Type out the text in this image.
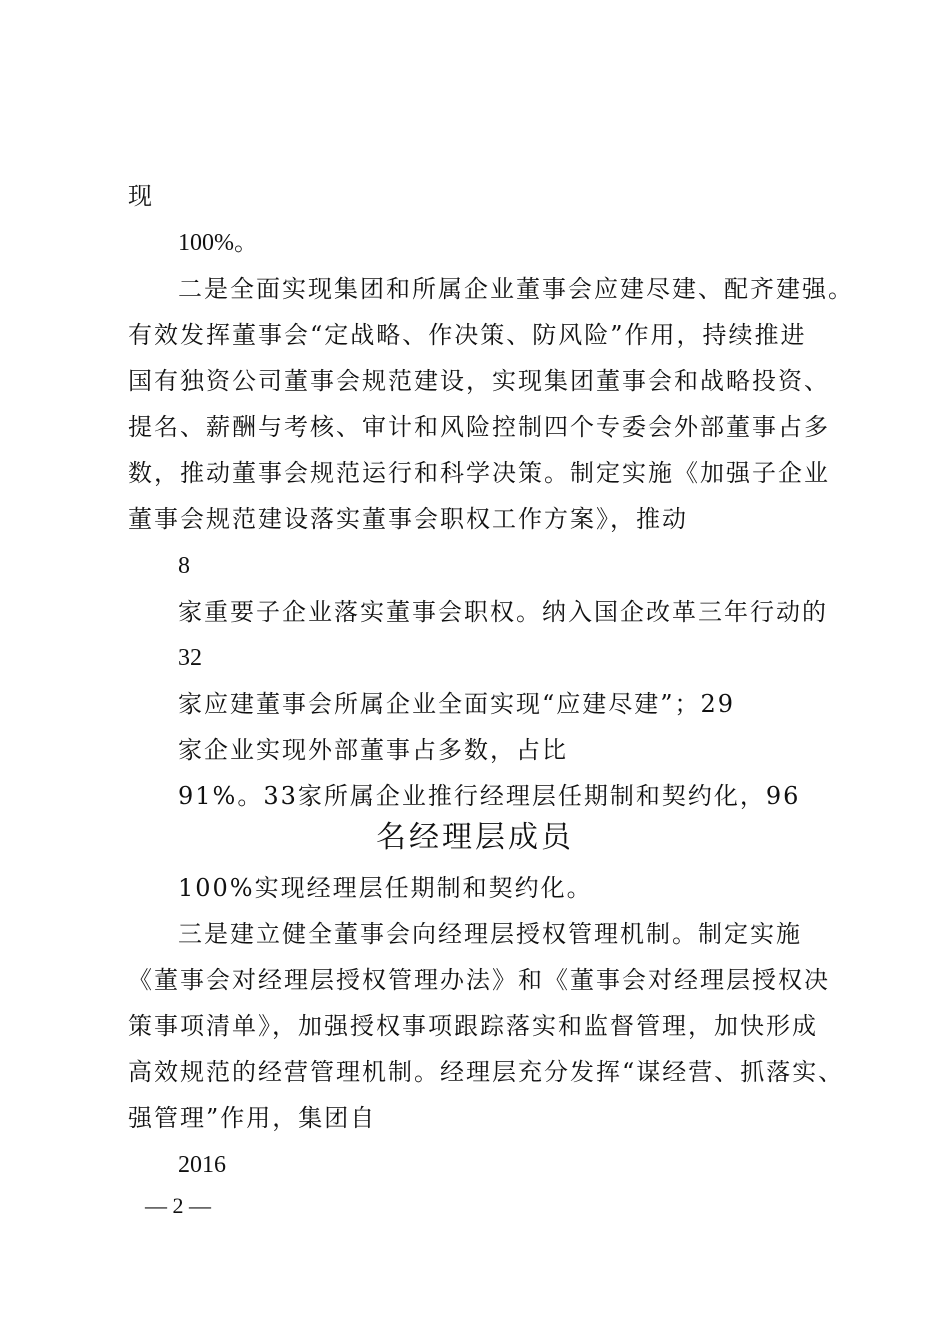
现
100%。
二是全面实现集团和所属企业董事会应建尽建、配齐建强。
有效发挥董事会“定战略、作决策、防风险”作用，持续推进
国有独资公司董事会规范建设，实现集团董事会和战略投资、
提名、薪酬与考核、审计和风险控制四个专委会外部董事占多
数，推动董事会规范运行和科学决策。制定实施《加强子企业
董事会规范建设落实董事会职权工作方案》，推动
8
家重要子企业落实董事会职权。纳入国企改革三年行动的
32
家应建董事会所属企业全面实现“应建尽建”；29
家企业实现外部董事占多数，占比
91%。33家所属企业推行经理层任期制和契约化，96
名经理层成员
100%实现经理层任期制和契约化。
三是建立健全董事会向经理层授权管理机制。制定实施
《董事会对经理层授权管理办法》和《董事会对经理层授权决
策事项清单》，加强授权事项跟踪落实和监督管理，加快形成
高效规范的经营管理机制。经理层充分发挥“谋经营、抓落实、
强管理”作用，集团自
2016
— 2 —
